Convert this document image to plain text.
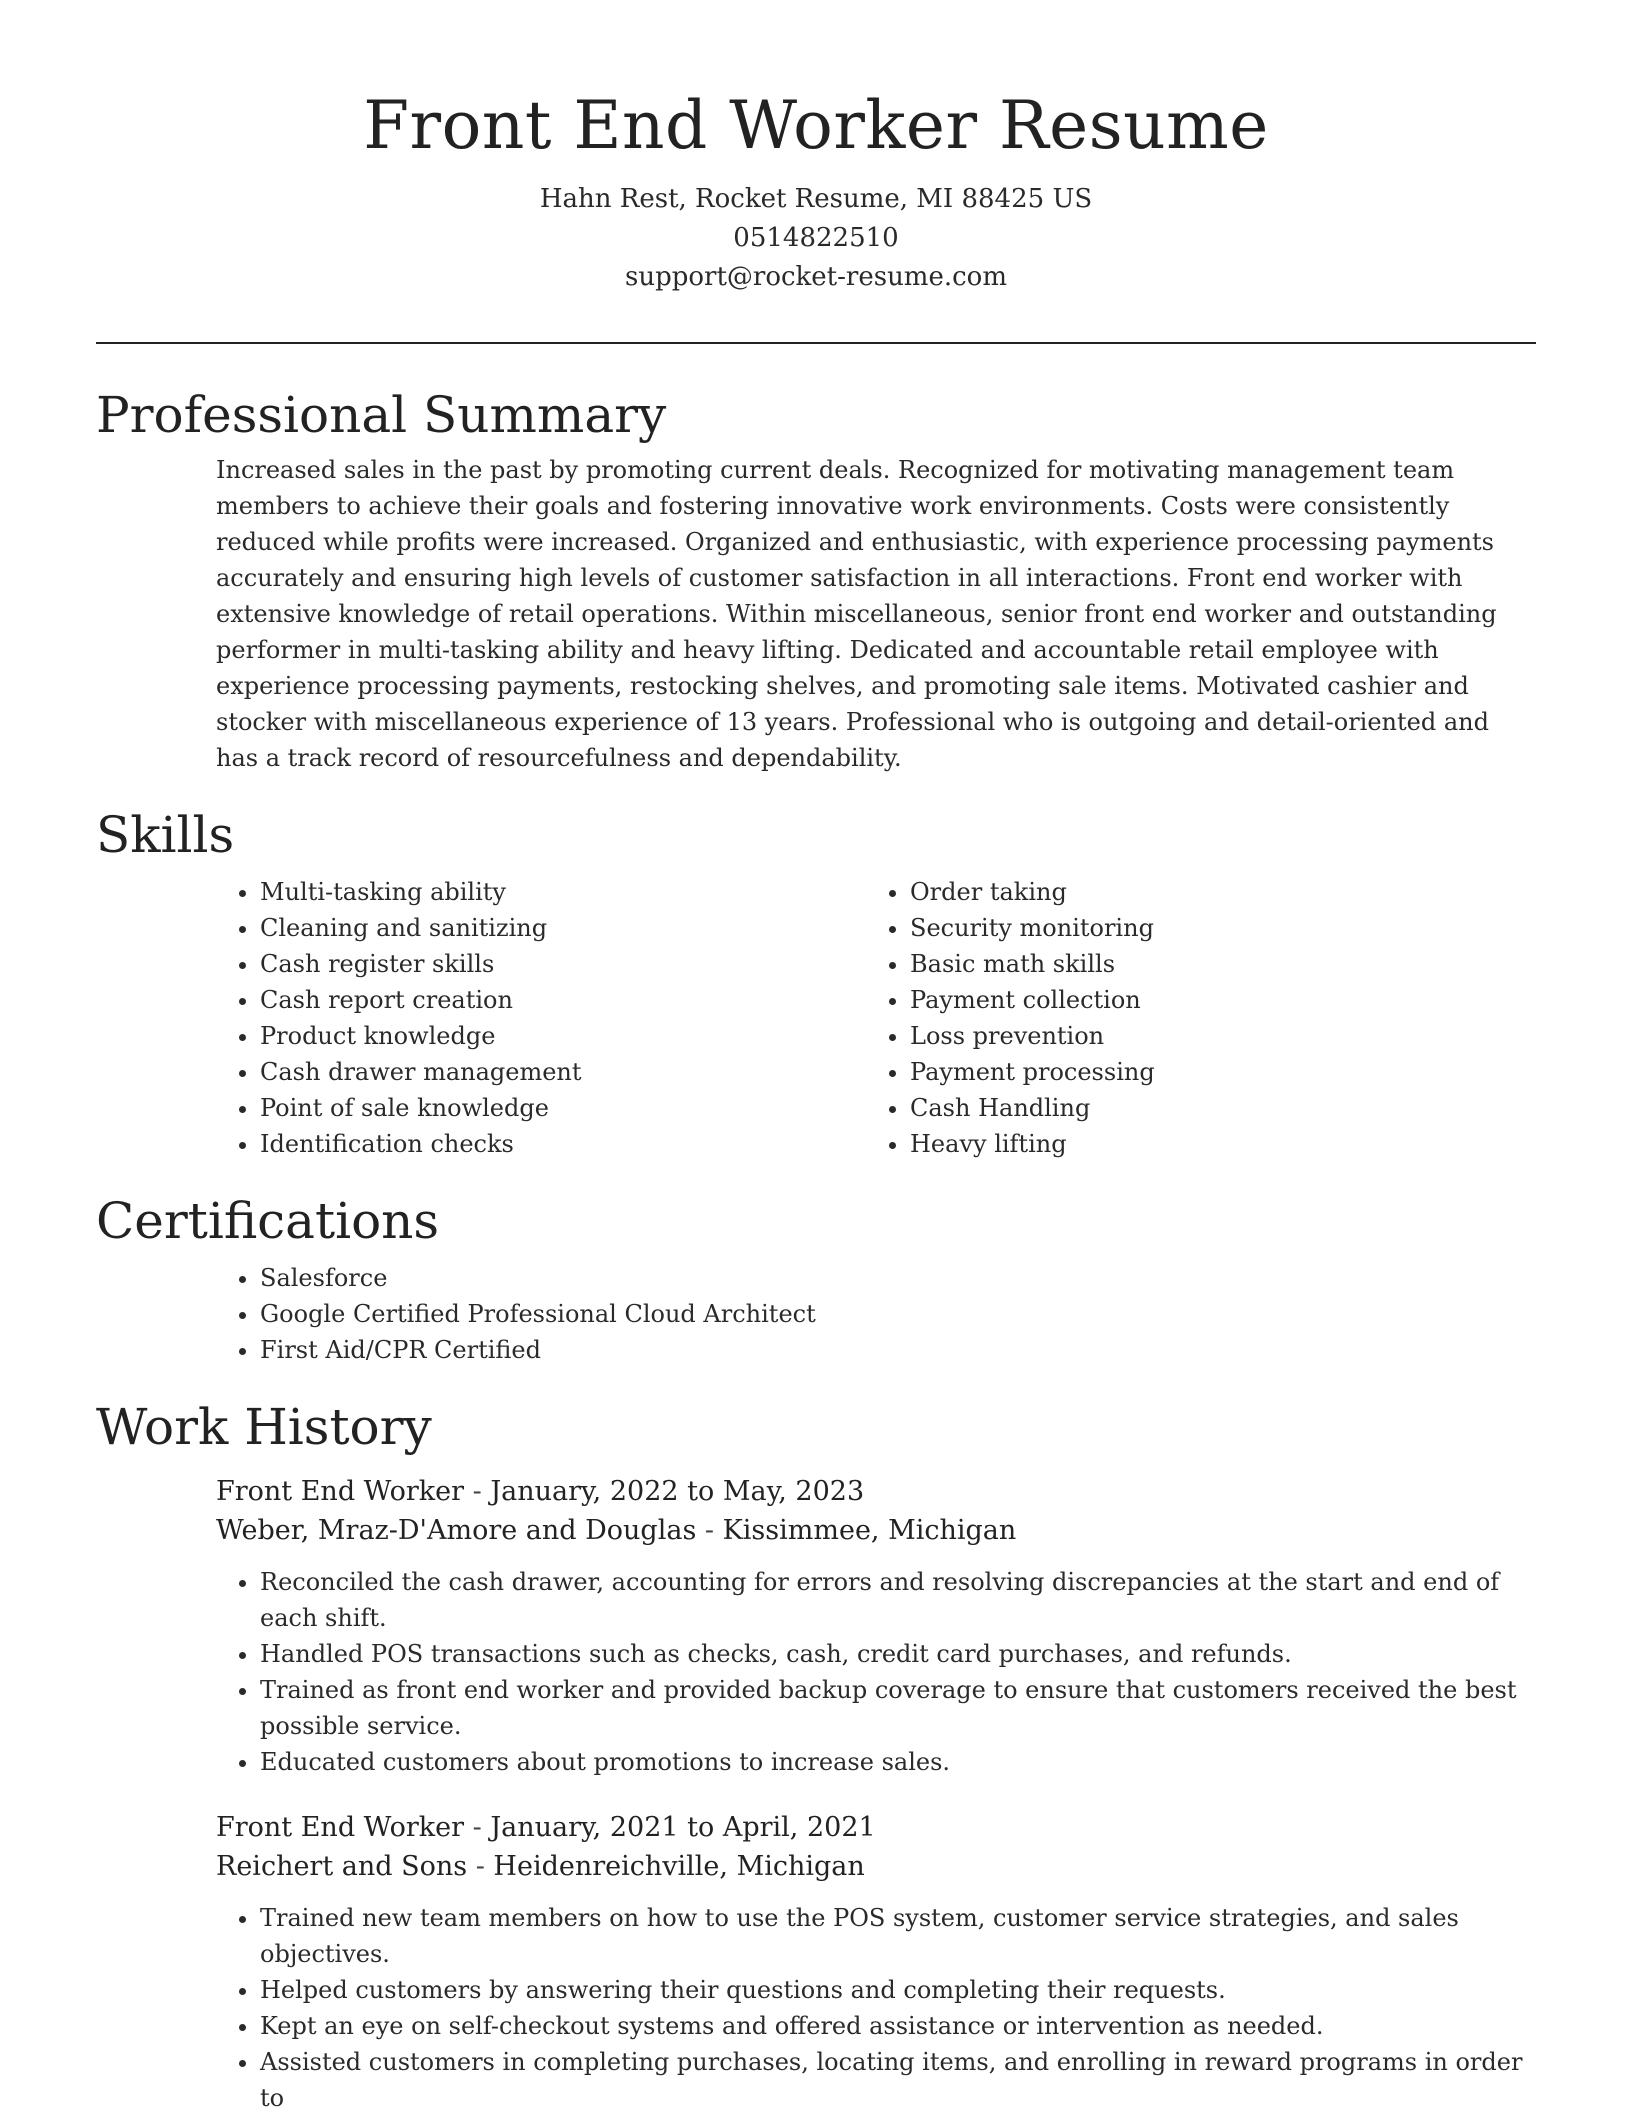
Front End Worker Resume
Hahn Rest, Rocket Resume, MI 88425 US
0514822510
support@rocket-resume.com
Professional Summary

Increased sales in the past by promoting current deals. Recognized for motivating management team members to achieve their goals and fostering innovative work environments. Costs were consistently reduced while profits were increased. Organized and enthusiastic, with experience processing payments accurately and ensuring high levels of customer satisfaction in all interactions. Front end worker with extensive knowledge of retail operations. Within miscellaneous, senior front end worker and outstanding performer in multi-tasking ability and heavy lifting. Dedicated and accountable retail employee with experience processing payments, restocking shelves, and promoting sale items. Motivated cashier and stocker with miscellaneous experience of 13 years. Professional who is outgoing and detail-oriented and has a track record of resourcefulness and dependability.

Skills
• Multi-tasking ability
• Cleaning and sanitizing
• Cash register skills
• Cash report creation
• Product knowledge
• Cash drawer management
• Point of sale knowledge
• Identification checks
• Order taking
• Security monitoring
• Basic math skills
• Payment collection
• Loss prevention
• Payment processing
• Cash Handling
• Heavy lifting
Certifications
• Salesforce
• Google Certified Professional Cloud Architect
• First Aid/CPR Certified
Work History
Front End Worker - January, 2022 to May, 2023
Weber, Mraz-D'Amore and Douglas - Kissimmee, Michigan
• Reconciled the cash drawer, accounting for errors and resolving discrepancies at the start and end of each shift.
• Handled POS transactions such as checks, cash, credit card purchases, and refunds.
• Trained as front end worker and provided backup coverage to ensure that customers received the best possible service.
• Educated customers about promotions to increase sales.
Front End Worker - January, 2021 to April, 2021
Reichert and Sons - Heidenreichville, Michigan
• Trained new team members on how to use the POS system, customer service strategies, and sales objectives.
• Helped customers by answering their questions and completing their requests.
• Kept an eye on self-checkout systems and offered assistance or intervention as needed.
• Assisted customers in completing purchases, locating items, and enrolling in reward programs in order to
